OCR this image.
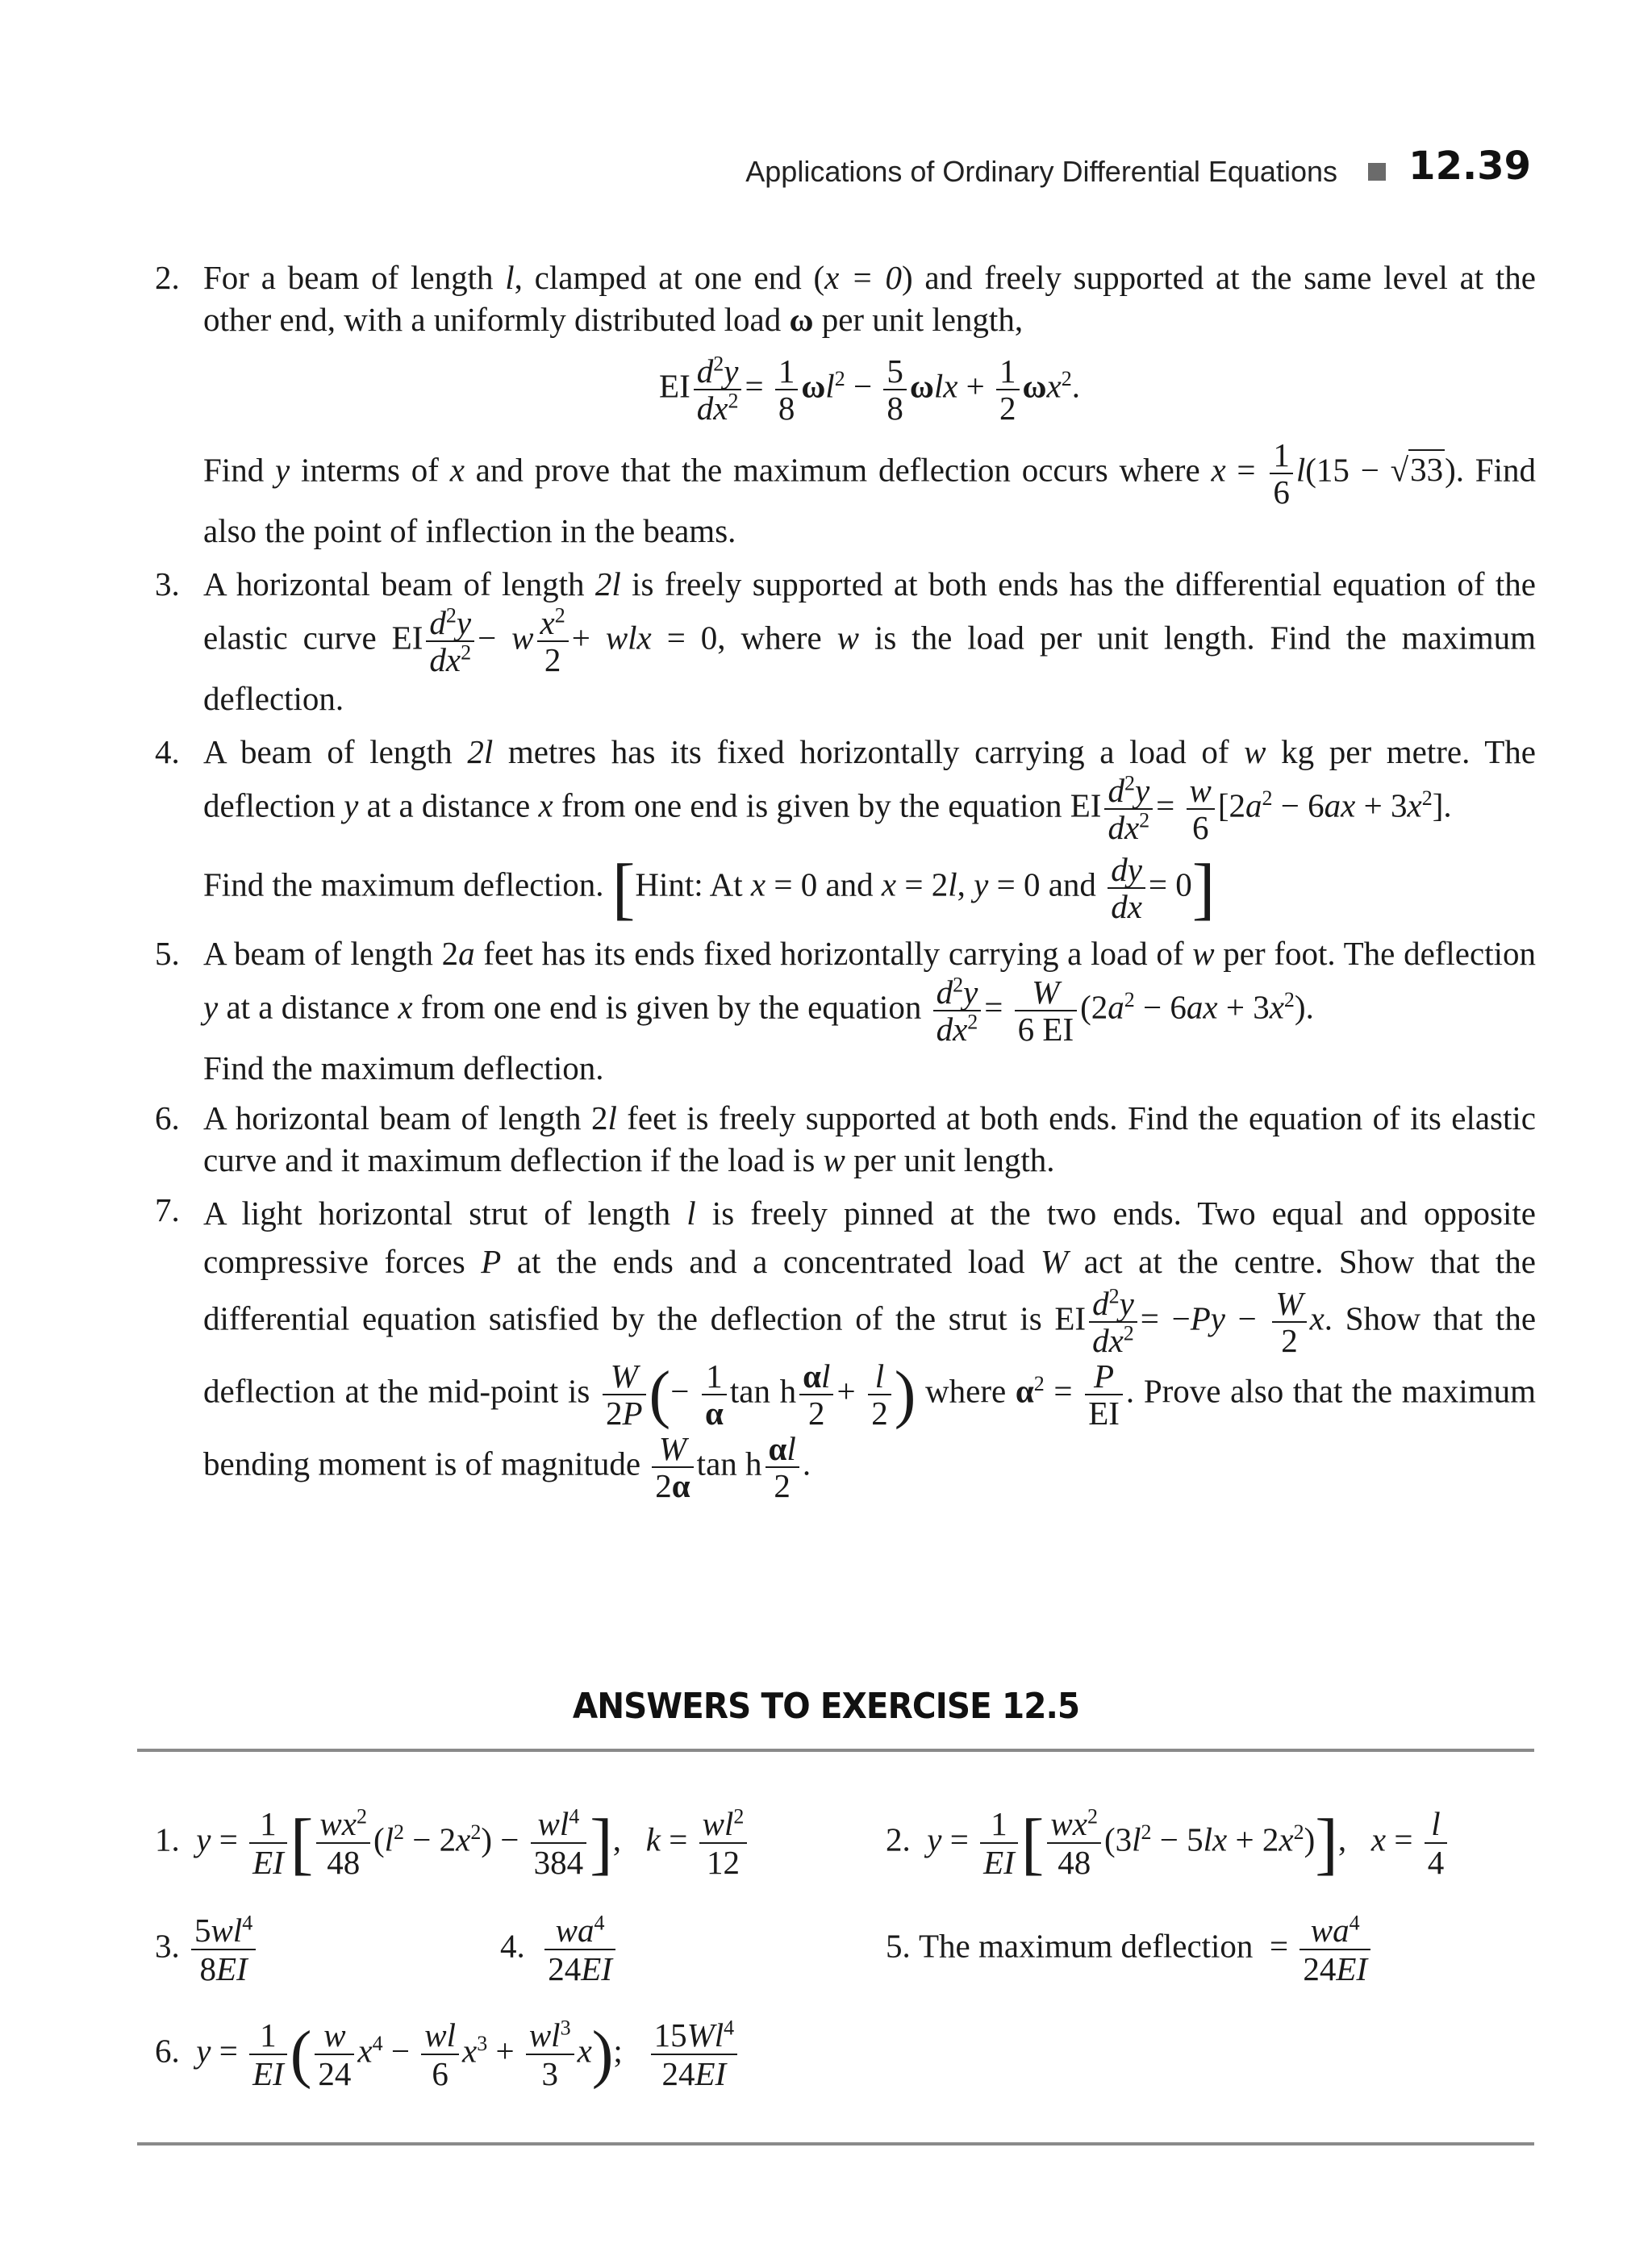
Applications of Ordinary Differential Equations 12.39
2. For a beam of length l, clamped at one end (x = 0) and freely supported at the same level at the other end, with a uniformly distributed load ω per unit length,
EI $\frac{d^2y}{dx^2} = \frac{1}{8} \omega l^2 - \frac{5}{8}$ $\omega lx + \frac{1}{2} \omega x^2$.
Find y interms of x and prove that the maximum deflection occurs where $x = \frac{1}{6} l(15 - √33)$. Find also the point of inflection in the beams.
3. A horizontal beam of length 2l is freely supported at both ends has the differential equation of the elastic curve EI $\frac{d^2y}{dx^2} - w \frac{x^2}{2}$ + wlx = 0, where w is the load per unit length. Find the maximum deflection.
4. A beam of length 2l metres has its fixed horizontally carrying a load of w kg per metre. The deflection y at a distance x from one end is given by the equation EI $\frac{d^2y}{dx^2} = \frac{w}{6} [2a^2 - 6ax + 3x^2]$.
Find the maximum deflection. [Hint: At x = 0 and x = 2l, y = 0 and $\frac{dy}{dx} = 0$]
5. A beam of length 2a feet has its ends fixed horizontally carrying a load of w per foot. The deflection y at a distance x from one end is given by the equation $\frac{d^2y}{dx^2} = \frac{W}{6 EI} (2a^2 - 6ax + 3x^2)$.
Find the maximum deflection.
6. A horizontal beam of length 2l feet is freely supported at both ends. Find the equation of its elastic curve and it maximum deflection if the load is w per unit length.
7. A light horizontal strut of length l is freely pinned at the two ends. Two equal and opposite compressive forces P at the ends and a concentrated load W act at the centre. Show that the differential equation satisfied by the deflection of the strut is EI $\frac{d^2y}{dx^2} = -Py - \frac{W}{2} x$. Show that the deflection at the mid-point is $\frac{W}{2P}$ (− $\frac{1}{\alpha}$ tan h $\frac{\alpha l}{2} + \frac{l}{2}$ ) where $\alpha^2 = \frac{P}{EI}$ . Prove also that the maximum bending moment is of magnitude $\frac{W}{2\alpha}$ tan h $\frac{\alpha l}{2}$ .
ANSWERS TO EXERCISE 12.5
1. $y = \frac{1}{EI}$ [ $\frac{wx^2}{48} (l^2 - 2x^2) - \frac{wl^4}{384}$ ],   $k = \frac{wl^2}{12}$	2. $y = \frac{1}{EI}$ [ $\frac{wx^2}{48} (3l^2 - 5lx + 2x^2)$],   $x = \frac{l}{4}$
3. $\frac{5wl^4}{8EI}$	4. $\frac{wa^4}{24EI}$	5. The maximum deflection  = $\frac{wa^4}{24EI}$
6. $y = \frac{1}{EI}$ ( $\frac{w}{24} x^4 - \frac{wl}{6} x^3 + \frac{wl^3}{3} x$); $\frac{15Wl^4}{24EI}$
